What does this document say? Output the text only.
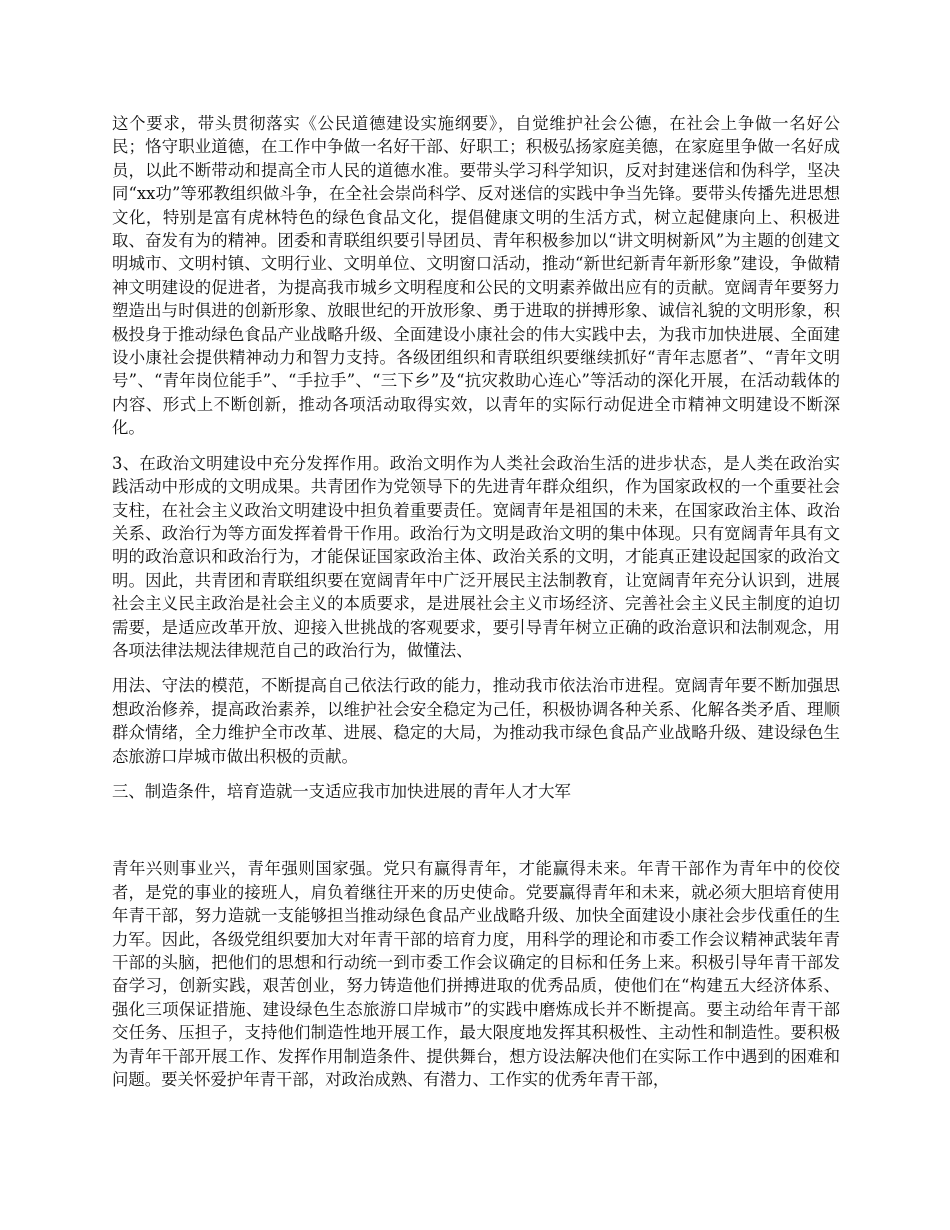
这个要求，带头贯彻落实《公民道德建设实施纲要》，自觉维护社会公德，在社会上争做一名好公民；恪守职业道德，在工作中争做一名好干部、好职工；积极弘扬家庭美德，在家庭里争做一名好成员，以此不断带动和提高全市人民的道德水准。要带头学习科学知识，反对封建迷信和伪科学，坚决同“xx功”等邪教组织做斗争，在全社会崇尚科学、反对迷信的实践中争当先锋。要带头传播先进思想文化，特别是富有虎林特色的绿色食品文化，提倡健康文明的生活方式，树立起健康向上、积极进取、奋发有为的精神。团委和青联组织要引导团员、青年积极参加以“讲文明树新风”为主题的创建文明城市、文明村镇、文明行业、文明单位、文明窗口活动，推动“新世纪新青年新形象”建设，争做精神文明建设的促进者，为提高我市城乡文明程度和公民的文明素养做出应有的贡献。宽阔青年要努力塑造出与时俱进的创新形象、放眼世纪的开放形象、勇于进取的拼搏形象、诚信礼貌的文明形象，积极投身于推动绿色食品产业战略升级、全面建设小康社会的伟大实践中去，为我市加快进展、全面建设小康社会提供精神动力和智力支持。各级团组织和青联组织要继续抓好“青年志愿者”、“青年文明号”、“青年岗位能手”、“手拉手”、“三下乡”及“抗灾救助心连心”等活动的深化开展，在活动载体的内容、形式上不断创新，推动各项活动取得实效，以青年的实际行动促进全市精神文明建设不断深化。

3、在政治文明建设中充分发挥作用。政治文明作为人类社会政治生活的进步状态，是人类在政治实践活动中形成的文明成果。共青团作为党领导下的先进青年群众组织，作为国家政权的一个重要社会支柱，在社会主义政治文明建设中担负着重要责任。宽阔青年是祖国的未来，在国家政治主体、政治关系、政治行为等方面发挥着骨干作用。政治行为文明是政治文明的集中体现。只有宽阔青年具有文明的政治意识和政治行为，才能保证国家政治主体、政治关系的文明，才能真正建设起国家的政治文明。因此，共青团和青联组织要在宽阔青年中广泛开展民主法制教育，让宽阔青年充分认识到，进展社会主义民主政治是社会主义的本质要求，是进展社会主义市场经济、完善社会主义民主制度的迫切需要，是适应改革开放、迎接入世挑战的客观要求，要引导青年树立正确的政治意识和法制观念，用各项法律法规法律规范自己的政治行为，做懂法、

用法、守法的模范，不断提高自己依法行政的能力，推动我市依法治市进程。宽阔青年要不断加强思想政治修养，提高政治素养，以维护社会安全稳定为己任，积极协调各种关系、化解各类矛盾、理顺群众情绪，全力维护全市改革、进展、稳定的大局，为推动我市绿色食品产业战略升级、建设绿色生态旅游口岸城市做出积极的贡献。

三、制造条件，培育造就一支适应我市加快进展的青年人才大军

青年兴则事业兴，青年强则国家强。党只有赢得青年，才能赢得未来。年青干部作为青年中的佼佼者，是党的事业的接班人，肩负着继往开来的历史使命。党要赢得青年和未来，就必须大胆培育使用年青干部，努力造就一支能够担当推动绿色食品产业战略升级、加快全面建设小康社会步伐重任的生力军。因此，各级党组织要加大对年青干部的培育力度，用科学的理论和市委工作会议精神武装年青干部的头脑，把他们的思想和行动统一到市委工作会议确定的目标和任务上来。积极引导年青干部发奋学习，创新实践，艰苦创业，努力铸造他们拼搏进取的优秀品质，使他们在“构建五大经济体系、强化三项保证措施、建设绿色生态旅游口岸城市”的实践中磨炼成长并不断提高。要主动给年青干部交任务、压担子，支持他们制造性地开展工作，最大限度地发挥其积极性、主动性和制造性。要积极为青年干部开展工作、发挥作用制造条件、提供舞台，想方设法解决他们在实际工作中遇到的困难和问题。要关怀爱护年青干部，对政治成熟、有潜力、工作实的优秀年青干部，
